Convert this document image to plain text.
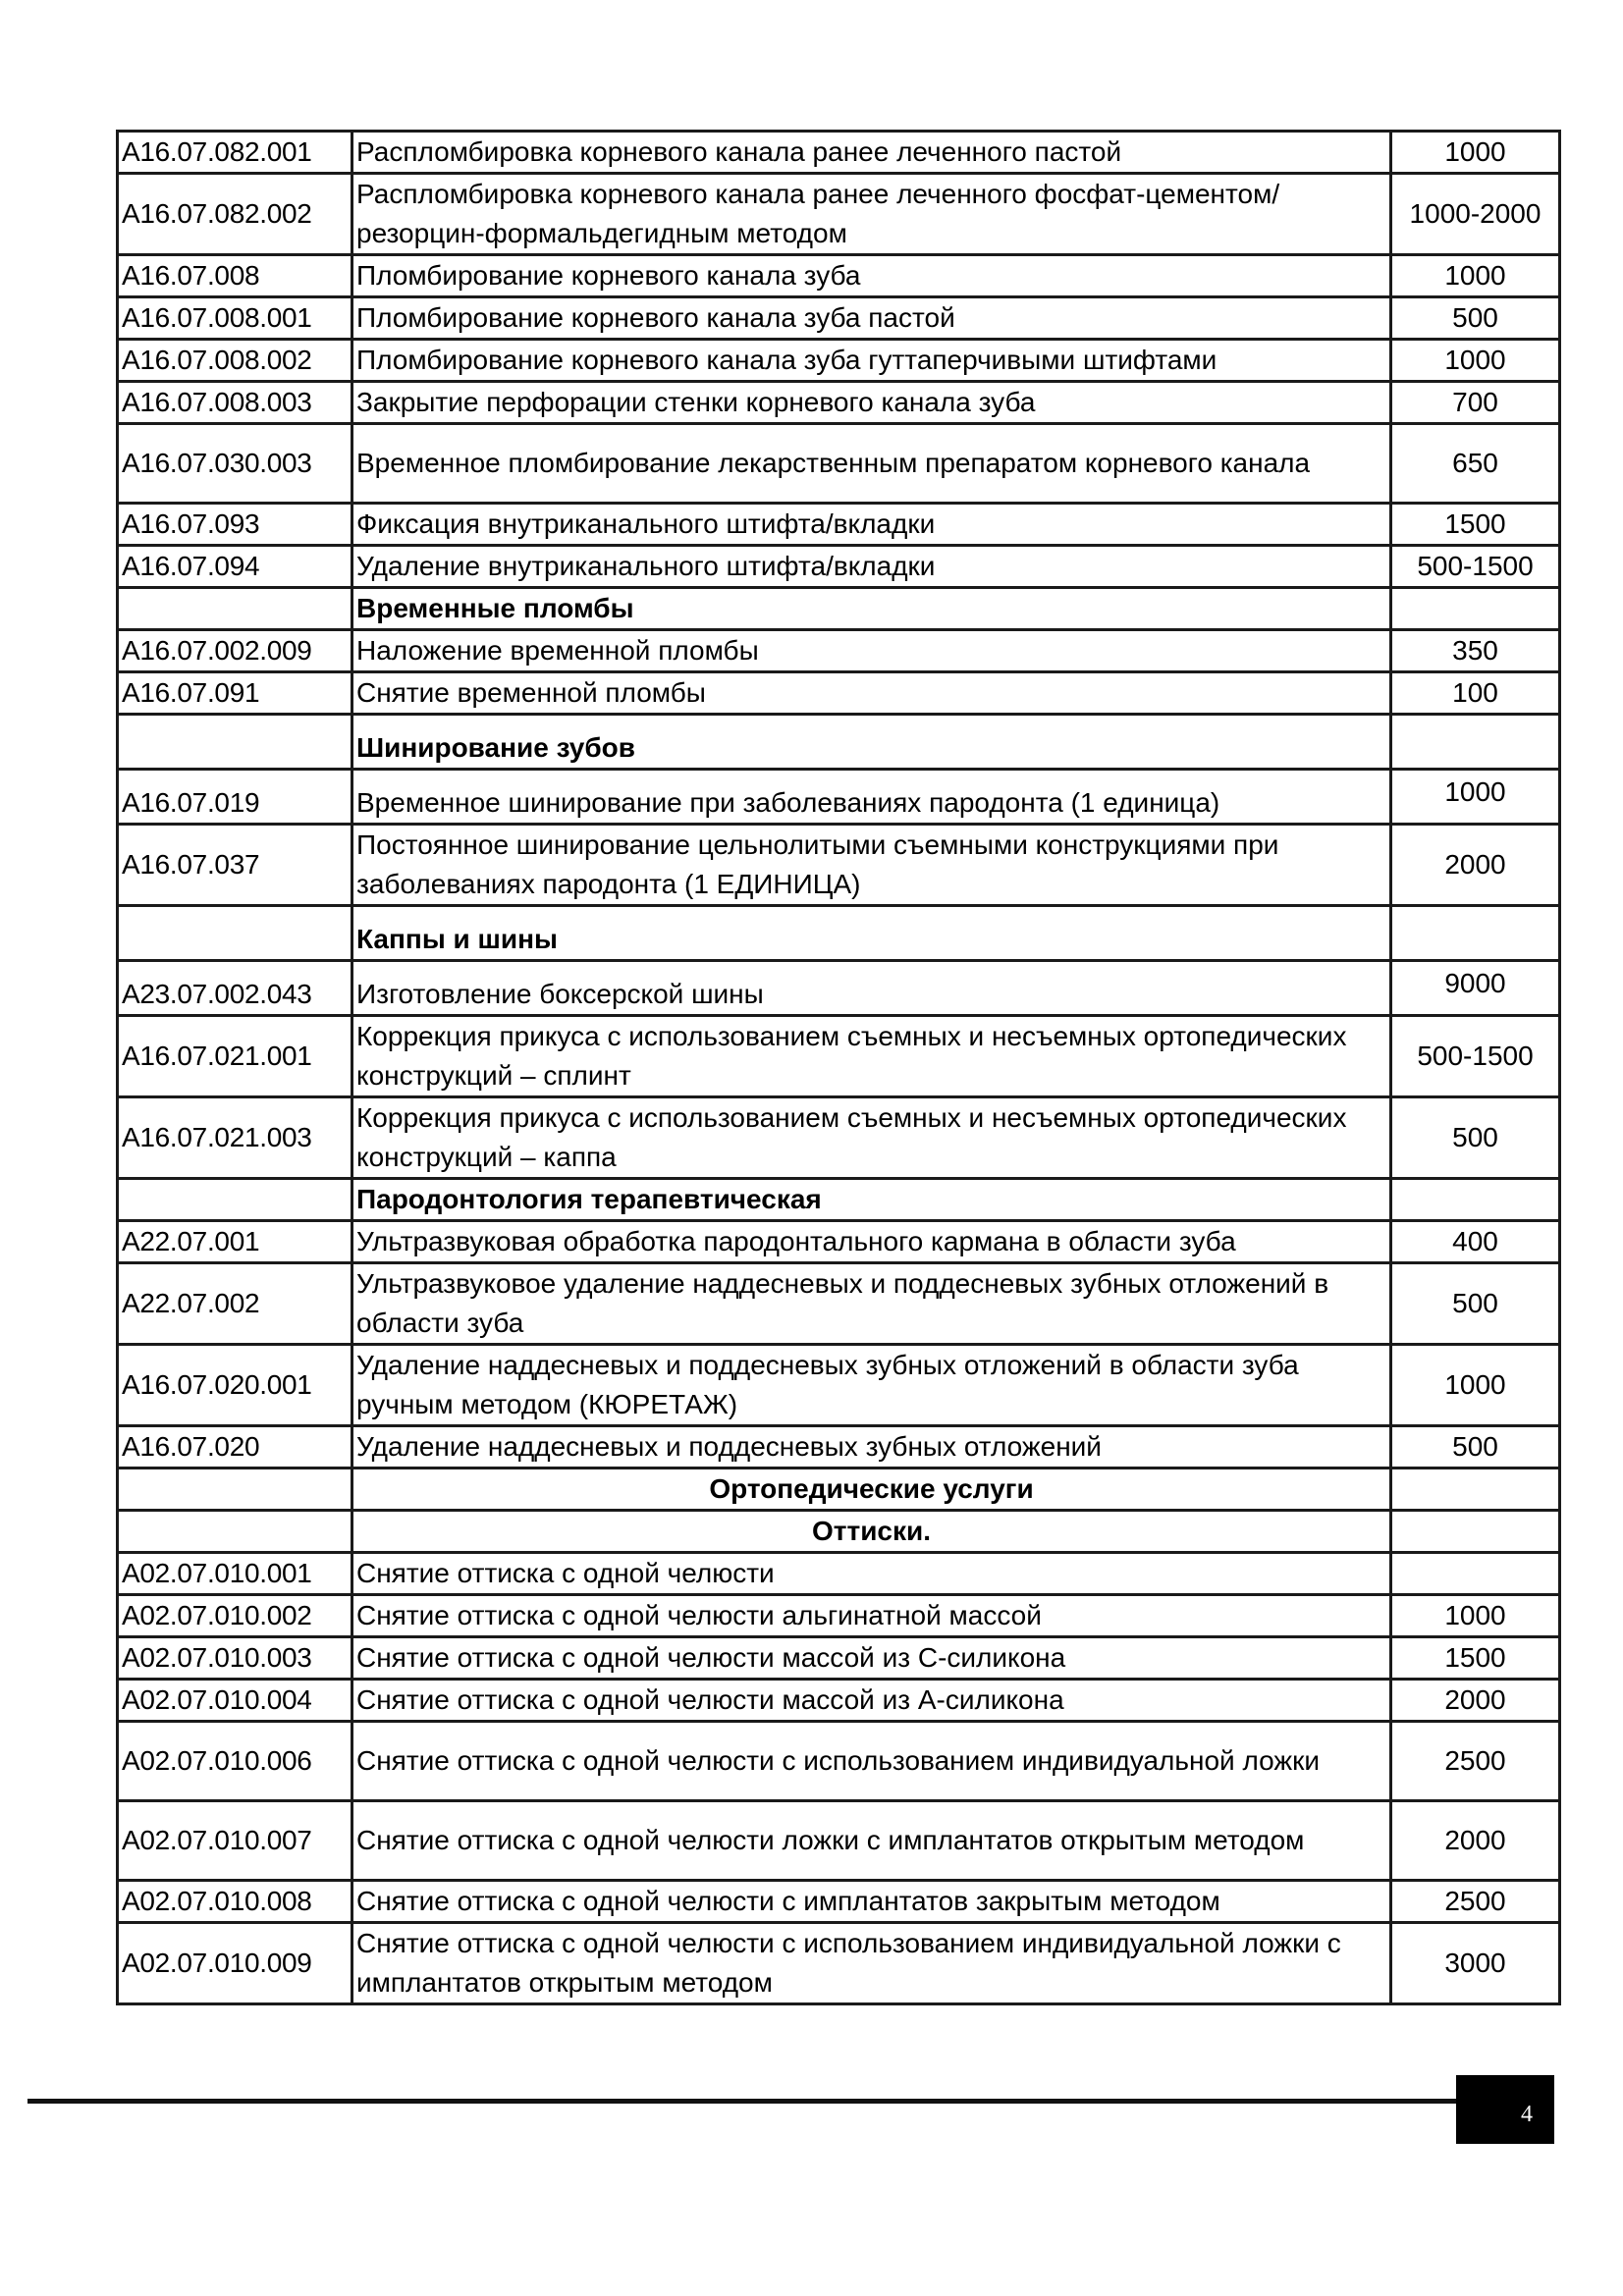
A16.07.082.001	Распломбировка корневого канала ранее леченного пастой	1000
A16.07.082.002	Распломбировка корневого канала ранее леченного фосфат-цементом/ резорцин-формальдегидным методом	1000-2000
A16.07.008	Пломбирование корневого канала зуба	1000
A16.07.008.001	Пломбирование корневого канала зуба пастой	500
A16.07.008.002	Пломбирование корневого канала зуба гуттаперчивыми штифтами	1000
A16.07.008.003	Закрытие перфорации стенки корневого канала зуба	700
A16.07.030.003	Временное пломбирование лекарственным препаратом корневого канала	650
A16.07.093	Фиксация внутриканального штифта/вкладки	1500
A16.07.094	Удаление внутриканального штифта/вкладки	500-1500
	Временные пломбы	
A16.07.002.009	Наложение временной пломбы	350
A16.07.091	Снятие временной пломбы	100
	Шинирование зубов	
A16.07.019	Временное шинирование при заболеваниях пародонта (1 единица)	1000
A16.07.037	Постоянное шинирование цельнолитыми съемными конструкциями при заболеваниях пародонта (1 ЕДИНИЦА)	2000
	Каппы и шины	
A23.07.002.043	Изготовление боксерской шины	9000
A16.07.021.001	Коррекция прикуса с использованием съемных и несъемных ортопедических конструкций – сплинт	500-1500
A16.07.021.003	Коррекция прикуса с использованием съемных и несъемных ортопедических конструкций – каппа	500
	Пародонтология терапевтическая	
A22.07.001	Ультразвуковая обработка пародонтального кармана в области зуба	400
A22.07.002	Ультразвуковое удаление наддесневых и поддесневых зубных отложений в области зуба	500
A16.07.020.001	Удаление наддесневых и поддесневых зубных отложений в области зуба ручным методом (КЮРЕТАЖ)	1000
A16.07.020	Удаление наддесневых и поддесневых зубных отложений	500
	Ортопедические услуги	
	Оттиски.	
A02.07.010.001	Снятие оттиска с одной челюсти	
A02.07.010.002	Снятие оттиска с одной челюсти альгинатной массой	1000
A02.07.010.003	Снятие оттиска с одной челюсти массой из С-силикона	1500
A02.07.010.004	Снятие оттиска с одной челюсти массой из А-силикона	2000
A02.07.010.006	Снятие оттиска с одной челюсти с использованием индивидуальной ложки	2500
A02.07.010.007	Снятие оттиска с одной челюсти ложки с имплантатов открытым методом	2000
A02.07.010.008	Снятие оттиска с одной челюсти с имплантатов закрытым методом	2500
A02.07.010.009	Снятие оттиска с одной челюсти с использованием индивидуальной ложки с имплантатов открытым методом	3000
4
